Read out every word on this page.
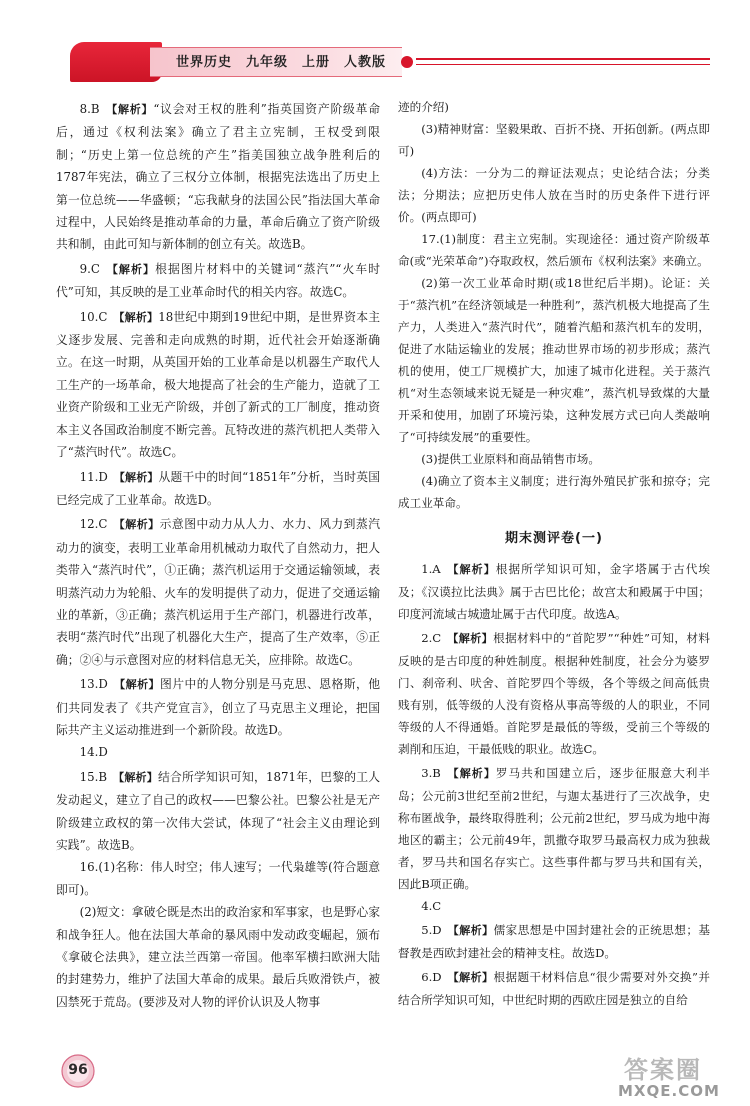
世界历史　九年级　上册　人教版

8.B  【解析】“议会对王权的胜利”指英国资产阶级革命后，通过《权利法案》确立了君主立宪制，王权受到限制；“历史上第一位总统的产生”指美国独立战争胜利后的1787年宪法，确立了三权分立体制，根据宪法选出了历史上第一位总统——华盛顿；“忘我献身的法国公民”指法国大革命过程中，人民始终是推动革命的力量，革命后确立了资产阶级共和制，由此可知与新体制的创立有关。故选B。

9.C  【解析】根据图片材料中的关键词“蒸汽”“火车时代”可知，其反映的是工业革命时代的相关内容。故选C。

10.C  【解析】18世纪中期到19世纪中期，是世界资本主义逐步发展、完善和走向成熟的时期，近代社会开始逐渐确立。在这一时期，从英国开始的工业革命是以机器生产取代人工生产的一场革命，极大地提高了社会的生产能力，造就了工业资产阶级和工业无产阶级，并创了新式的工厂制度，推动资本主义各国政治制度不断完善。瓦特改进的蒸汽机把人类带入了“蒸汽时代”。故选C。

11.D  【解析】从题干中的时间“1851年”分析，当时英国已经完成了工业革命。故选D。

12.C  【解析】示意图中动力从人力、水力、风力到蒸汽动力的演变，表明工业革命用机械动力取代了自然动力，把人类带入“蒸汽时代”，①正确；蒸汽机运用于交通运输领域，表明蒸汽动力为轮船、火车的发明提供了动力，促进了交通运输业的革新，③正确；蒸汽机运用于生产部门，机器进行改革，表明“蒸汽时代”出现了机器化大生产，提高了生产效率，⑤正确；②④与示意图对应的材料信息无关，应排除。故选C。

13.D  【解析】图片中的人物分别是马克思、恩格斯，他们共同发表了《共产党宣言》，创立了马克思主义理论，把国际共产主义运动推进到一个新阶段。故选D。

14.D

15.B  【解析】结合所学知识可知，1871年，巴黎的工人发动起义，建立了自己的政权——巴黎公社。巴黎公社是无产阶级建立政权的第一次伟大尝试，体现了“社会主义由理论到实践”。故选B。

16.(1)名称：伟人时空；伟人速写；一代枭雄等(符合题意即可)。

(2)短文：拿破仑既是杰出的政治家和军事家，也是野心家和战争狂人。他在法国大革命的暴风雨中发动政变崛起，颁布《拿破仑法典》，建立法兰西第一帝国。他率军横扫欧洲大陆的封建势力，维护了法国大革命的成果。最后兵败滑铁卢，被囚禁死于荒岛。(要涉及对人物的评价认识及人物事

迹的介绍)

(3)精神财富：坚毅果敢、百折不挠、开拓创新。(两点即可)

(4)方法：一分为二的辩证法观点；史论结合法；分类法；分期法；应把历史伟人放在当时的历史条件下进行评价。(两点即可)

17.(1)制度：君主立宪制。实现途径：通过资产阶级革命(或“光荣革命”)夺取政权，然后颁布《权利法案》来确立。

(2)第一次工业革命时期(或18世纪后半期)。论证：关于“蒸汽机”在经济领域是一种胜利”，蒸汽机极大地提高了生产力，人类进入“蒸汽时代”，随着汽船和蒸汽机车的发明，促进了水陆运输业的发展；推动世界市场的初步形成；蒸汽机的使用，使工厂规模扩大，加速了城市化进程。关于蒸汽机“对生态领域来说无疑是一种灾难”，蒸汽机导致煤的大量开采和使用，加剧了环境污染，这种发展方式已向人类敲响了“可持续发展”的重要性。

(3)提供工业原料和商品销售市场。

(4)确立了资本主义制度；进行海外殖民扩张和掠夺；完成工业革命。

期末测评卷(一)

1.A  【解析】根据所学知识可知，金字塔属于古代埃及；《汉谟拉比法典》属于古巴比伦；故宫太和殿属于中国；印度河流域古城遗址属于古代印度。故选A。

2.C  【解析】根据材料中的“首陀罗”“种姓”可知，材料反映的是古印度的种姓制度。根据种姓制度，社会分为婆罗门、刹帝利、吠舍、首陀罗四个等级，各个等级之间高低贵贱有别，低等级的人没有资格从事高等级的人的职业，不同等级的人不得通婚。首陀罗是最低的等级，受前三个等级的剥削和压迫，干最低贱的职业。故选C。

3.B  【解析】罗马共和国建立后，逐步征服意大利半岛；公元前3世纪至前2世纪，与迦太基进行了三次战争，史称布匿战争，最终取得胜利；公元前2世纪，罗马成为地中海地区的霸主；公元前49年，凯撒夺取罗马最高权力成为独裁者，罗马共和国名存实亡。这些事件都与罗马共和国有关，因此B项正确。

4.C

5.D  【解析】儒家思想是中国封建社会的正统思想；基督教是西欧封建社会的精神支柱。故选D。

6.D  【解析】根据题干材料信息“很少需要对外交换”并结合所学知识可知，中世纪时期的西欧庄园是独立的自给

96	答案圈
MXQE.COM
